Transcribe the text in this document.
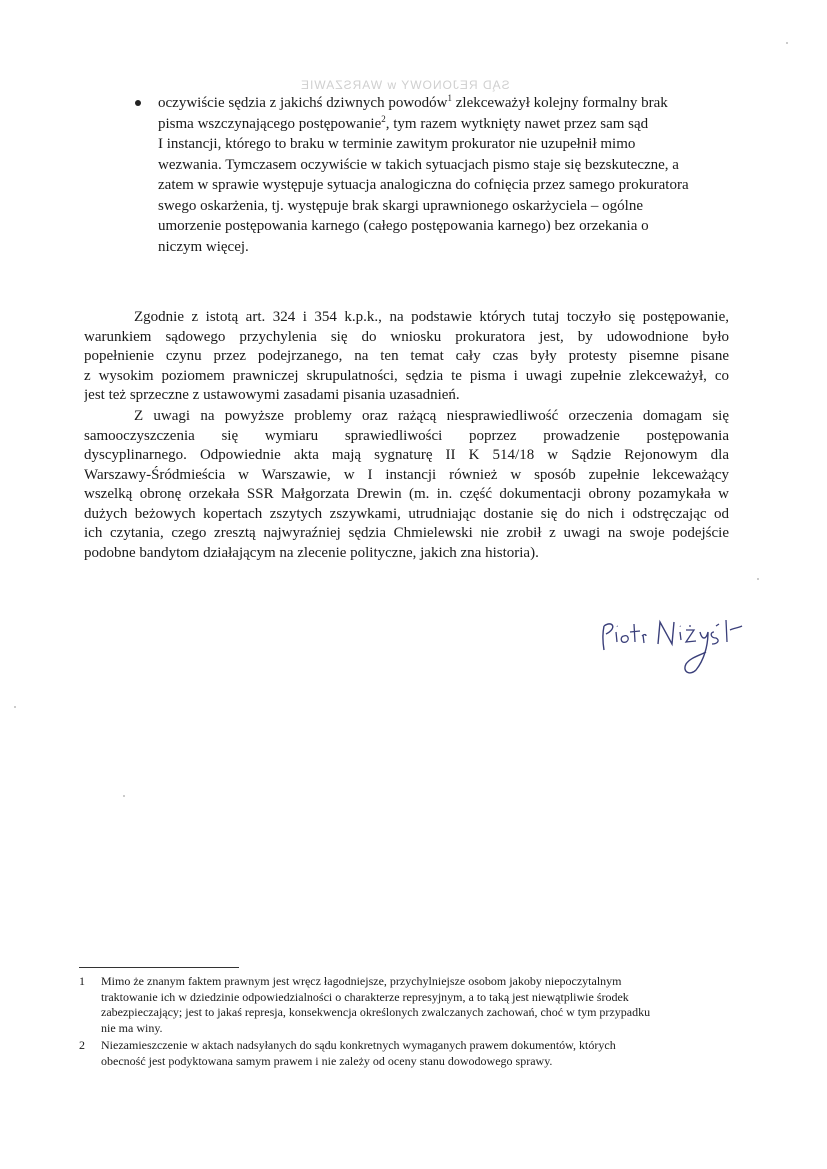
SĄD REJONOWY w WARSZAWIE
oczywiście sędzia z jakichś dziwnych powodów$^1$ zlekceważył kolejny formalny brak
pisma wszczynającego postępowanie$^2$, tym razem wytknięty nawet przez sam sąd
I instancji, którego to braku w terminie zawitym prokurator nie uzupełnił mimo
wezwania. Tymczasem oczywiście w takich sytuacjach pismo staje się bezskuteczne, a
zatem w sprawie występuje sytuacja analogiczna do cofnięcia przez samego prokuratora
swego oskarżenia, tj. występuje brak skargi uprawnionego oskarżyciela – ogólne
umorzenie postępowania karnego (całego postępowania karnego) bez orzekania o
niczym więcej.
Zgodnie z istotą art. 324 i 354 k.p.k., na podstawie których tutaj toczyło się postępowanie,
warunkiem sądowego przychylenia się do wniosku prokuratora jest, by udowodnione było
popełnienie czynu przez podejrzanego, na ten temat cały czas były protesty pisemne pisane
z wysokim poziomem prawniczej skrupulatności, sędzia te pisma i uwagi zupełnie zlekceważył, co
jest też sprzeczne z ustawowymi zasadami pisania uzasadnień.
Z uwagi na powyższe problemy oraz rażącą niesprawiedliwość orzeczenia domagam się
samooczyszczenia się wymiaru sprawiedliwości poprzez prowadzenie postępowania
dyscyplinarnego. Odpowiednie akta mają sygnaturę II K 514/18 w Sądzie Rejonowym dla
Warszawy-Śródmieścia w Warszawie, w I instancji również w sposób zupełnie lekceważący
wszelką obronę orzekała SSR Małgorzata Drewin (m. in. część dokumentacji obrony pozamykała w
dużych beżowych kopertach zszytych zszywkami, utrudniając dostanie się do nich i odstręczając od
ich czytania, czego zresztą najwyraźniej sędzia Chmielewski nie zrobił z uwagi na swoje podejście
podobne bandytom działającym na zlecenie polityczne, jakich zna historia).
1 Mimo że znanym faktem prawnym jest wręcz łagodniejsze, przychylniejsze osobom jakoby niepoczytalnym
traktowanie ich w dziedzinie odpowiedzialności o charakterze represyjnym, a to taką jest niewątpliwie środek
zabezpieczający; jest to jakaś represja, konsekwencja określonych zwalczanych zachowań, choć w tym przypadku
nie ma winy.
2 Niezamieszczenie w aktach nadsyłanych do sądu konkretnych wymaganych prawem dokumentów, których
obecność jest podyktowana samym prawem i nie zależy od oceny stanu dowodowego sprawy.
